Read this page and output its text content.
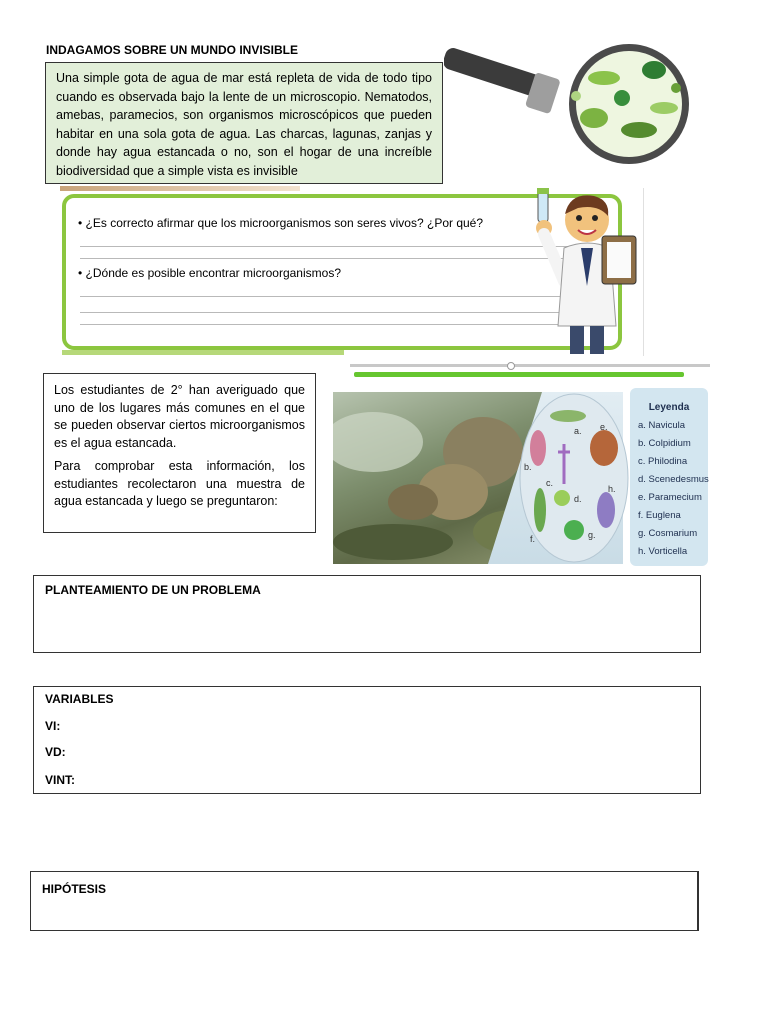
INDAGAMOS SOBRE UN MUNDO INVISIBLE
Una simple gota de agua de mar está repleta de vida de todo tipo cuando es observada bajo la lente de un microscopio. Nematodos, amebas, paramecios, son organismos microscópicos que pueden habitar en una sola gota de agua. Las charcas, lagunas, zanjas y donde hay agua estancada o no, son el hogar de una increíble biodiversidad que a simple vista es invisible
• ¿Es correcto afirmar que los microorganismos son seres vivos? ¿Por qué?
• ¿Dónde es posible encontrar microorganismos?

Los estudiantes de 2° han averiguado que uno de los lugares más comunes en el que se pueden observar ciertos microorganismos es el agua estancada.

Para comprobar esta información, los estudiantes recolectaron una muestra de agua estancada y luego se preguntaron:

a.
b.
c.
d.
e.
f.	g.
h.
Leyenda
a. Navicula
b. Colpidium
c. Philodina
d. Scenedesmus
e. Paramecium
f. Euglena
g. Cosmarium
h. Vorticella
PLANTEAMIENTO DE UN PROBLEMA
VARIABLES
VI:
VD:
VINT:
HIPÓTESIS
